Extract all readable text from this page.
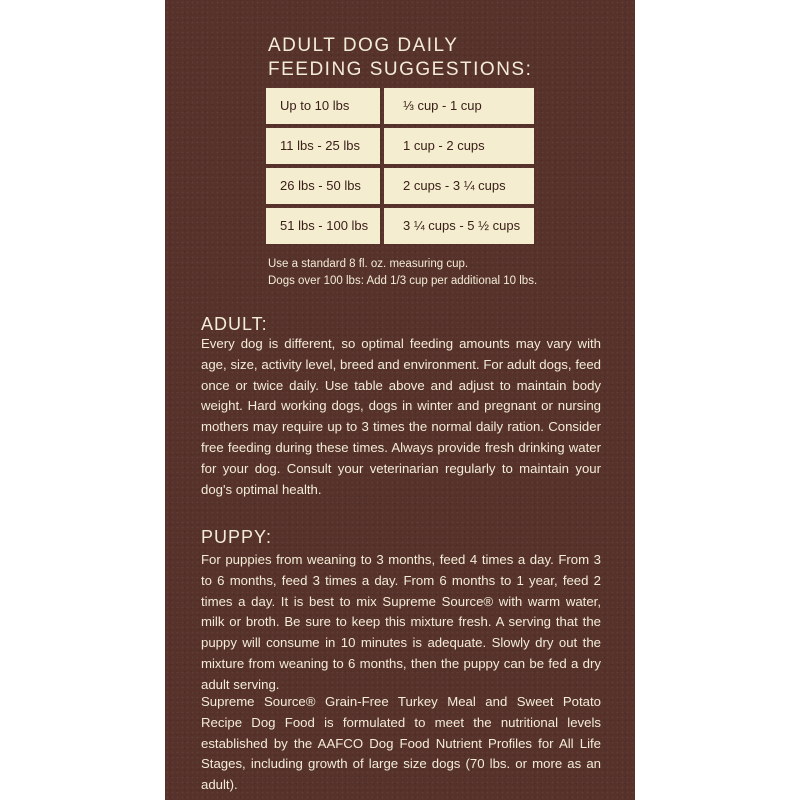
ADULT DOG DAILY
FEEDING SUGGESTIONS:
Up to 10 lbs	⅓ cup - 1 cup
11 lbs - 25 lbs	1 cup - 2 cups
26 lbs - 50 lbs	2 cups - 3 ¼ cups
51 lbs - 100 lbs	3 ¼ cups - 5 ½ cups
Use a standard 8 fl. oz. measuring cup.
Dogs over 100 lbs: Add 1/3 cup per additional 10 lbs.
ADULT:

Every dog is different, so optimal feeding amounts may vary with age, size, activity level, breed and environment. For adult dogs, feed once or twice daily. Use table above and adjust to maintain body weight. Hard working dogs, dogs in winter and pregnant or nursing mothers may require up to 3 times the normal daily ration. Consider free feeding during these times. Always provide fresh drinking water for your dog. Consult your veterinarian regularly to maintain your dog's optimal health.

PUPPY:

For puppies from weaning to 3 months, feed 4 times a day. From 3 to 6 months, feed 3 times a day. From 6 months to 1 year, feed 2 times a day. It is best to mix Supreme Source® with warm water, milk or broth. Be sure to keep this mixture fresh. A serving that the puppy will consume in 10 minutes is adequate. Slowly dry out the mixture from weaning to 6 months, then the puppy can be fed a dry adult serving.

Supreme Source® Grain-Free Turkey Meal and Sweet Potato Recipe Dog Food is formulated to meet the nutritional levels established by the AAFCO Dog Food Nutrient Profiles for All Life Stages, including growth of large size dogs (70 lbs. or more as an adult).
